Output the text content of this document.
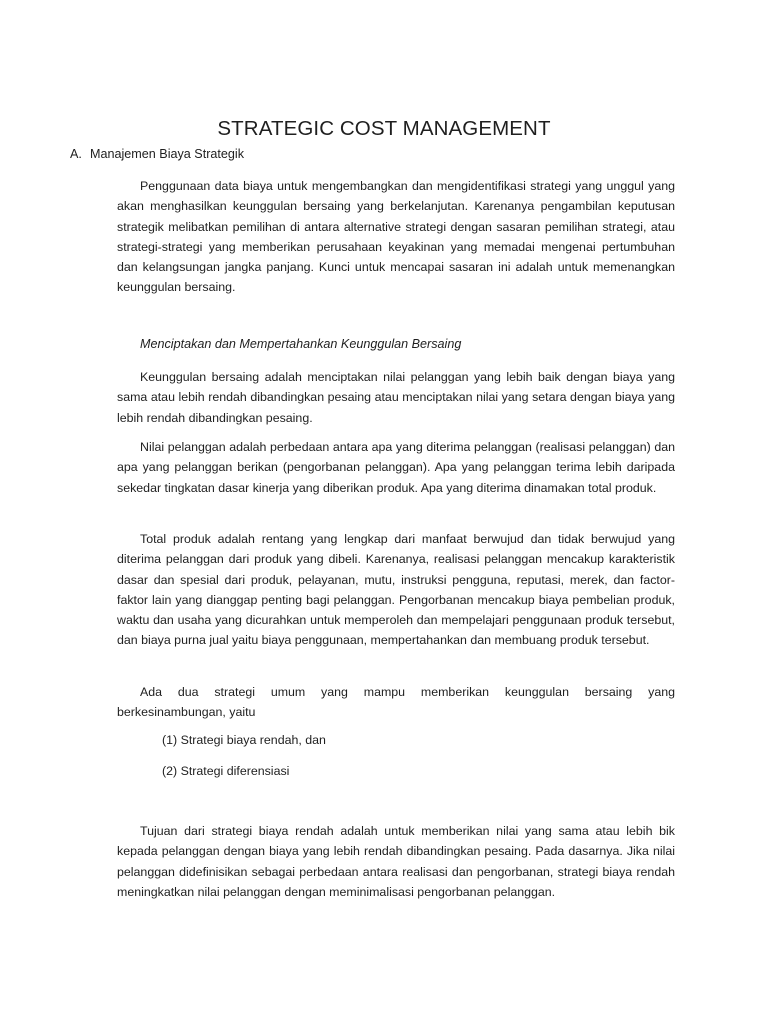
STRATEGIC COST MANAGEMENT
A. Manajemen Biaya Strategik

Penggunaan data biaya untuk mengembangkan dan mengidentifikasi strategi yang unggul yang akan menghasilkan keunggulan bersaing yang berkelanjutan. Karenanya pengambilan keputusan strategik melibatkan pemilihan di antara alternative strategi dengan sasaran pemilihan strategi, atau strategi-strategi yang memberikan perusahaan keyakinan yang memadai mengenai pertumbuhan dan kelangsungan jangka panjang. Kunci untuk mencapai sasaran ini adalah untuk memenangkan keunggulan bersaing.

Menciptakan dan Mempertahankan Keunggulan Bersaing

Keunggulan bersaing adalah menciptakan nilai pelanggan yang lebih baik dengan biaya yang sama atau lebih rendah dibandingkan pesaing atau menciptakan nilai yang setara dengan biaya yang lebih rendah dibandingkan pesaing.

Nilai pelanggan adalah perbedaan antara apa yang diterima pelanggan (realisasi pelanggan) dan apa yang pelanggan berikan (pengorbanan pelanggan). Apa yang pelanggan terima lebih daripada sekedar tingkatan dasar kinerja yang diberikan produk. Apa yang diterima dinamakan total produk.

Total produk adalah rentang yang lengkap dari manfaat berwujud dan tidak berwujud yang diterima pelanggan dari produk yang dibeli. Karenanya, realisasi pelanggan mencakup karakteristik dasar dan spesial dari produk, pelayanan, mutu, instruksi pengguna, reputasi, merek, dan factor-faktor lain yang dianggap penting bagi pelanggan. Pengorbanan mencakup biaya pembelian produk, waktu dan usaha yang dicurahkan untuk memperoleh dan mempelajari penggunaan produk tersebut, dan biaya purna jual yaitu biaya penggunaan, mempertahankan dan membuang produk tersebut.

Ada dua strategi umum yang mampu memberikan keunggulan bersaing yang berkesinambungan, yaitu

(1) Strategi biaya rendah, dan
(2) Strategi diferensiasi

Tujuan dari strategi biaya rendah adalah untuk memberikan nilai yang sama atau lebih bik kepada pelanggan dengan biaya yang lebih rendah dibandingkan pesaing. Pada dasarnya. Jika nilai pelanggan didefinisikan sebagai perbedaan antara realisasi dan pengorbanan, strategi biaya rendah meningkatkan nilai pelanggan dengan meminimalisasi pengorbanan pelanggan.
